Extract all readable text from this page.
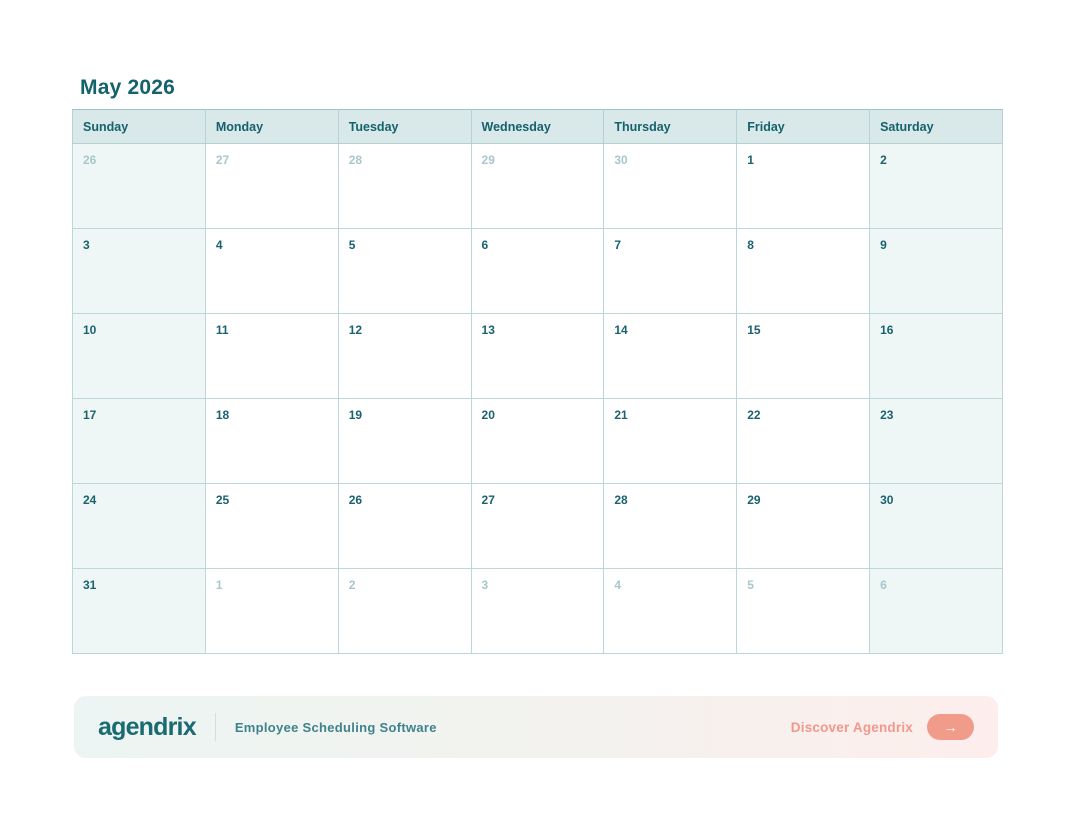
May 2026
Sunday	Monday	Tuesday	Wednesday	Thursday	Friday	Saturday
26	27	28	29	30	1	2
3	4	5	6	7	8	9
10	11	12	13	14	15	16
17	18	19	20	21	22	23
24	25	26	27	28	29	30
31	1	2	3	4	5	6
agendrix	Employee Scheduling Software	Discover Agendrix →
